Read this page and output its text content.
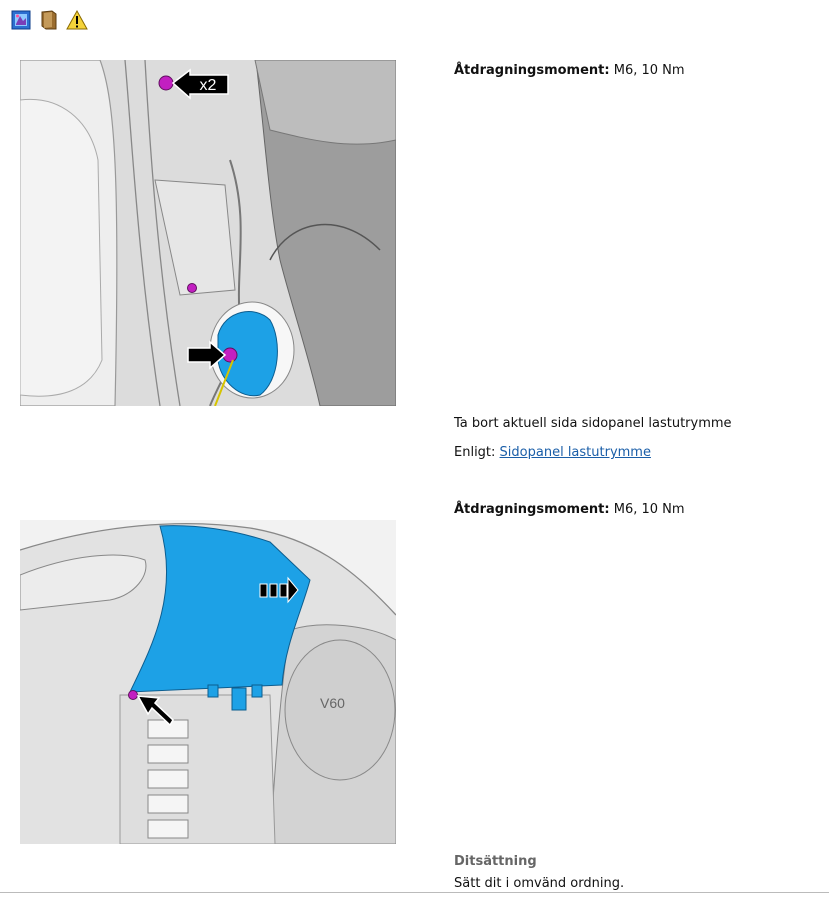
x2
Åtdragningsmoment: M6, 10 Nm
Ta bort aktuell sida sidopanel lastutrymme
Enligt: Sidopanel lastutrymme
V60
Åtdragningsmoment: M6, 10 Nm
Ditsättning
Sätt dit i omvänd ordning.
